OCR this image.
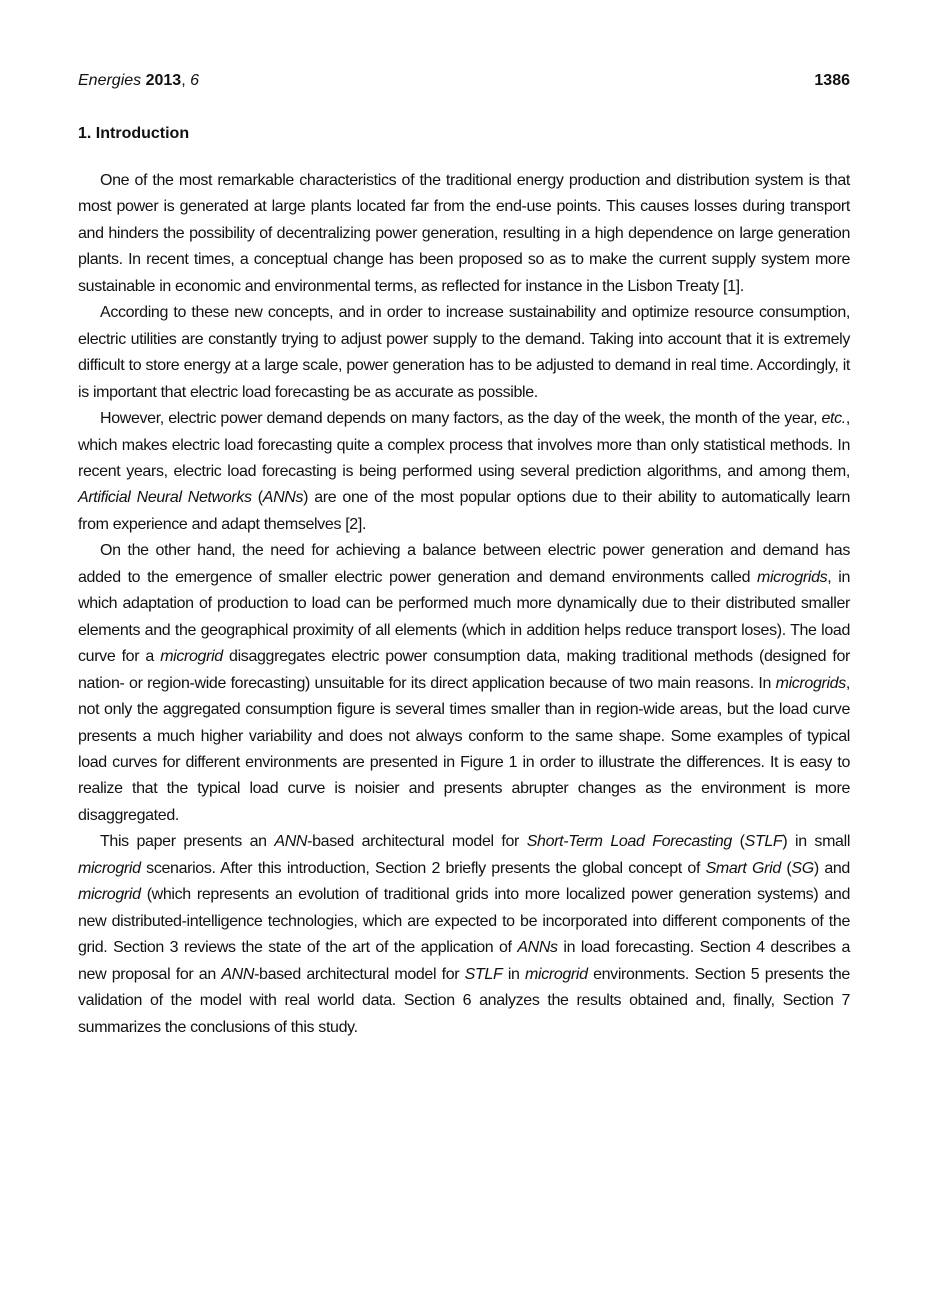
Energies 2013, 6	1386
1. Introduction

One of the most remarkable characteristics of the traditional energy production and distribution system is that most power is generated at large plants located far from the end-use points. This causes losses during transport and hinders the possibility of decentralizing power generation, resulting in a high dependence on large generation plants. In recent times, a conceptual change has been proposed so as to make the current supply system more sustainable in economic and environmental terms, as reflected for instance in the Lisbon Treaty [1].

According to these new concepts, and in order to increase sustainability and optimize resource consumption, electric utilities are constantly trying to adjust power supply to the demand. Taking into account that it is extremely difficult to store energy at a large scale, power generation has to be adjusted to demand in real time. Accordingly, it is important that electric load forecasting be as accurate as possible.

However, electric power demand depends on many factors, as the day of the week, the month of the year, etc., which makes electric load forecasting quite a complex process that involves more than only statistical methods. In recent years, electric load forecasting is being performed using several prediction algorithms, and among them, Artificial Neural Networks (ANNs) are one of the most popular options due to their ability to automatically learn from experience and adapt themselves [2].

On the other hand, the need for achieving a balance between electric power generation and demand has added to the emergence of smaller electric power generation and demand environments called microgrids, in which adaptation of production to load can be performed much more dynamically due to their distributed smaller elements and the geographical proximity of all elements (which in addition helps reduce transport loses). The load curve for a microgrid disaggregates electric power consumption data, making traditional methods (designed for nation- or region-wide forecasting) unsuitable for its direct application because of two main reasons. In microgrids, not only the aggregated consumption figure is several times smaller than in region-wide areas, but the load curve presents a much higher variability and does not always conform to the same shape. Some examples of typical load curves for different environments are presented in Figure 1 in order to illustrate the differences. It is easy to realize that the typical load curve is noisier and presents abrupter changes as the environment is more disaggregated.

This paper presents an ANN-based architectural model for Short-Term Load Forecasting (STLF) in small microgrid scenarios. After this introduction, Section 2 briefly presents the global concept of Smart Grid (SG) and microgrid (which represents an evolution of traditional grids into more localized power generation systems) and new distributed-intelligence technologies, which are expected to be incorporated into different components of the grid. Section 3 reviews the state of the art of the application of ANNs in load forecasting. Section 4 describes a new proposal for an ANN-based architectural model for STLF in microgrid environments. Section 5 presents the validation of the model with real world data. Section 6 analyzes the results obtained and, finally, Section 7 summarizes the conclusions of this study.
